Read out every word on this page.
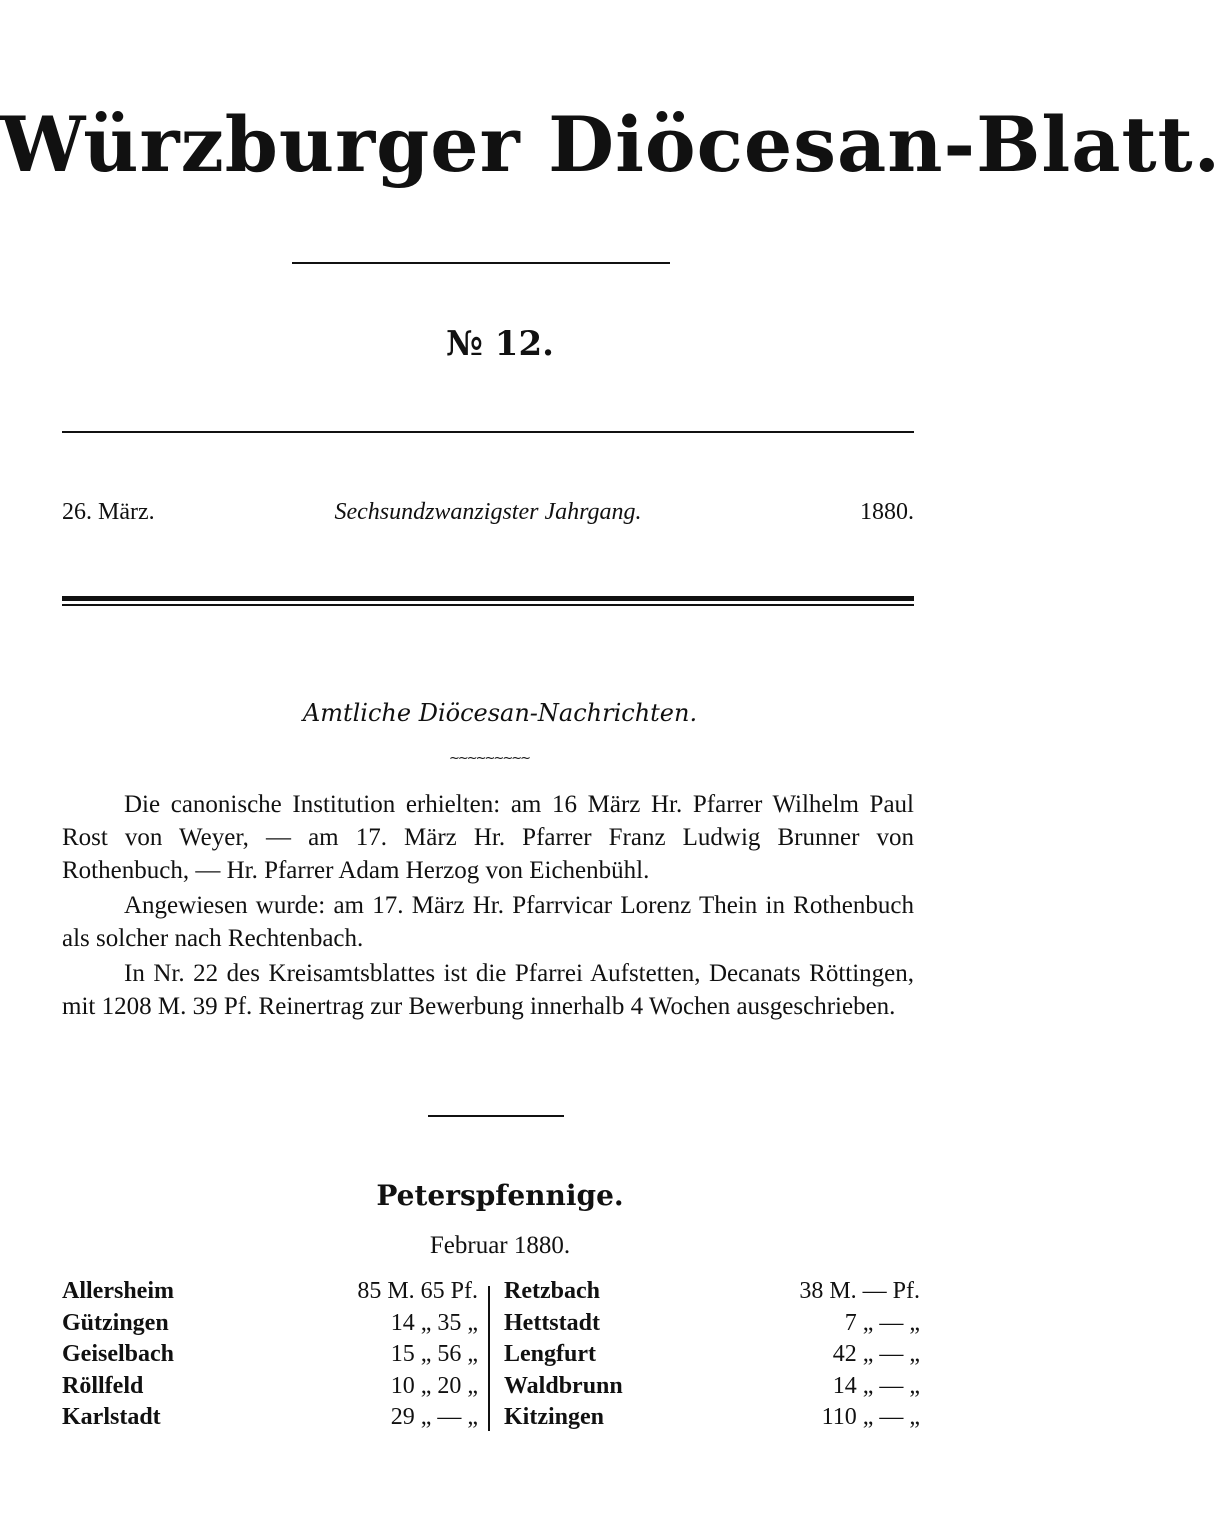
Würzburger Diöcesan-Blatt.
№ 12.
26. März.	Sechsundzwanzigster Jahrgang.	1880.
Amtliche Diöcesan-Nachrichten.
~~~~~~~~~

Die canonische Institution erhielten: am 16 März Hr. Pfarrer Wilhelm Paul Rost von Weyer, — am 17. März Hr. Pfarrer Franz Ludwig Brunner von Rothenbuch, — Hr. Pfarrer Adam Herzog von Eichenbühl.

Angewiesen wurde: am 17. März Hr. Pfarrvicar Lorenz Thein in Rothenbuch als solcher nach Rechtenbach.

In Nr. 22 des Kreisamtsblattes ist die Pfarrei Aufstetten, Decanats Röttingen, mit 1208 M. 39 Pf. Reinertrag zur Bewerbung innerhalb 4 Wochen ausgeschrieben.

Peterspfennige.
Februar 1880.
Allersheim	85 M. 65 Pf.
Gützingen	14 „ 35 „
Geiselbach	15 „ 56 „
Röllfeld	10 „ 20 „
Karlstadt	29 „ — „
Retzbach	38 M. — Pf.
Hettstadt	7 „ — „
Lengfurt	42 „ — „
Waldbrunn	14 „ — „
Kitzingen	110 „ — „
